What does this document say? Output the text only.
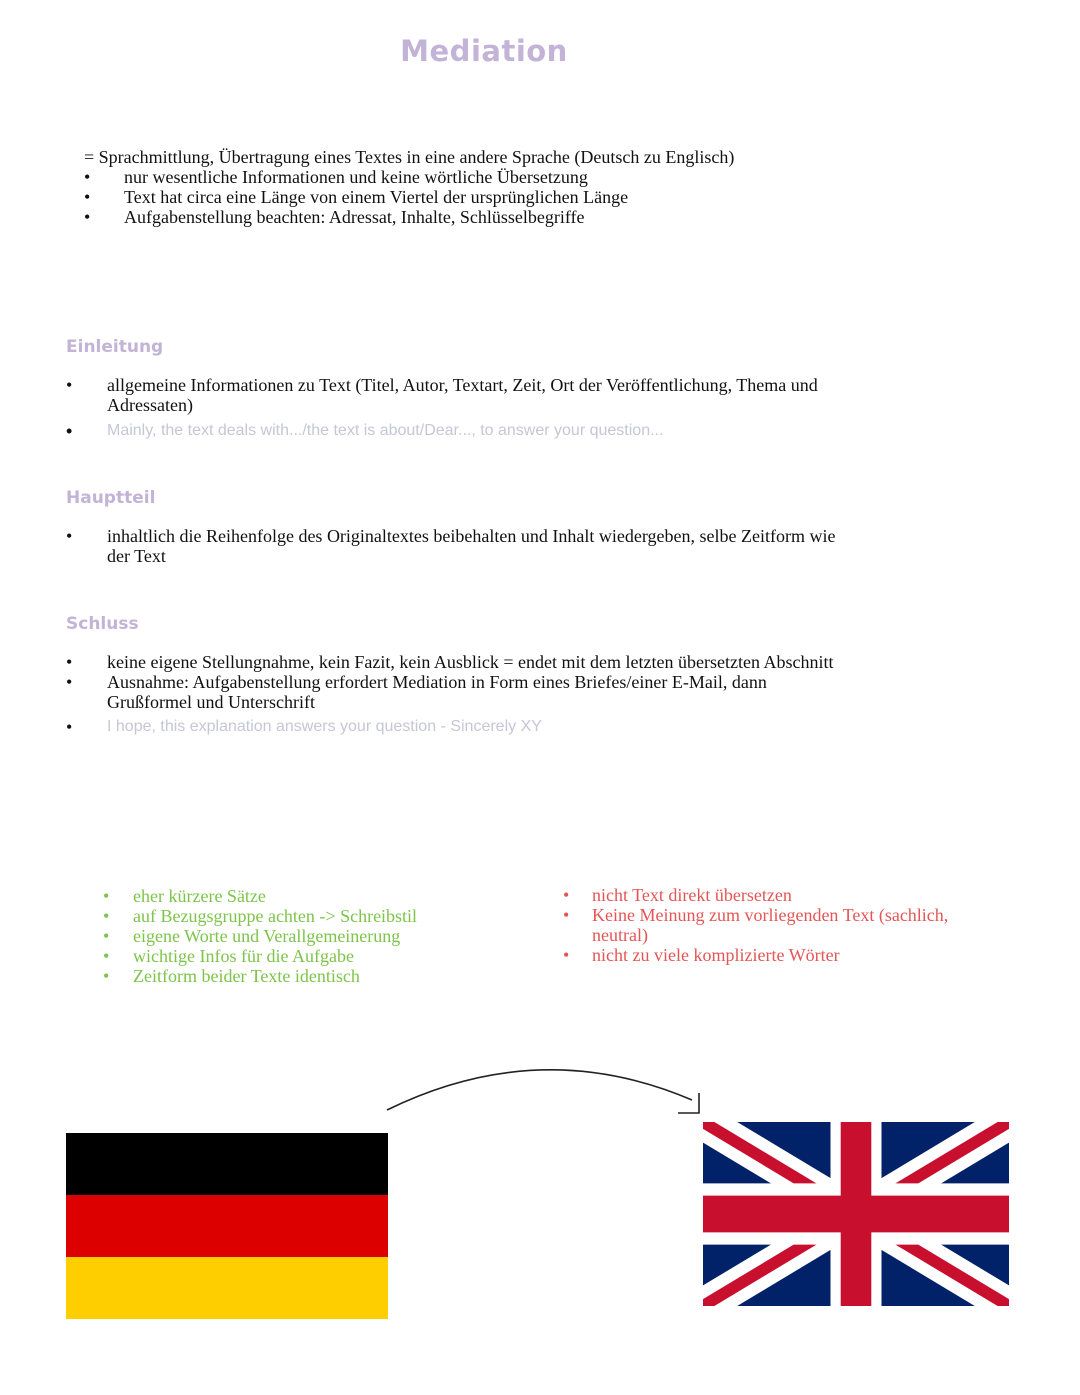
Mediation
= Sprachmittlung, Übertragung eines Textes in eine andere Sprache (Deutsch zu Englisch)
• nur wesentliche Informationen und keine wörtliche Übersetzung
• Text hat circa eine Länge von einem Viertel der ursprünglichen Länge
• Aufgabenstellung beachten: Adressat, Inhalte, Schlüsselbegriffe
Einleitung
• allgemeine Informationen zu Text (Titel, Autor, Textart, Zeit, Ort der Veröffentlichung, Thema und
Adressaten)
• Mainly, the text deals with.../the text is about/Dear..., to answer your question...
Hauptteil
• inhaltlich die Reihenfolge des Originaltextes beibehalten und Inhalt wiedergeben, selbe Zeitform wie
der Text
Schluss
• keine eigene Stellungnahme, kein Fazit, kein Ausblick = endet mit dem letzten übersetzten Abschnitt
• Ausnahme: Aufgabenstellung erfordert Mediation in Form eines Briefes/einer E-Mail, dann
Grußformel und Unterschrift
• I hope, this explanation answers your question - Sincerely XY
• eher kürzere Sätze
• auf Bezugsgruppe achten -> Schreibstil
• eigene Worte und Verallgemeinerung
• wichtige Infos für die Aufgabe
• Zeitform beider Texte identisch
• nicht Text direkt übersetzen
• Keine Meinung zum vorliegenden Text (sachlich,
neutral)
• nicht zu viele komplizierte Wörter
